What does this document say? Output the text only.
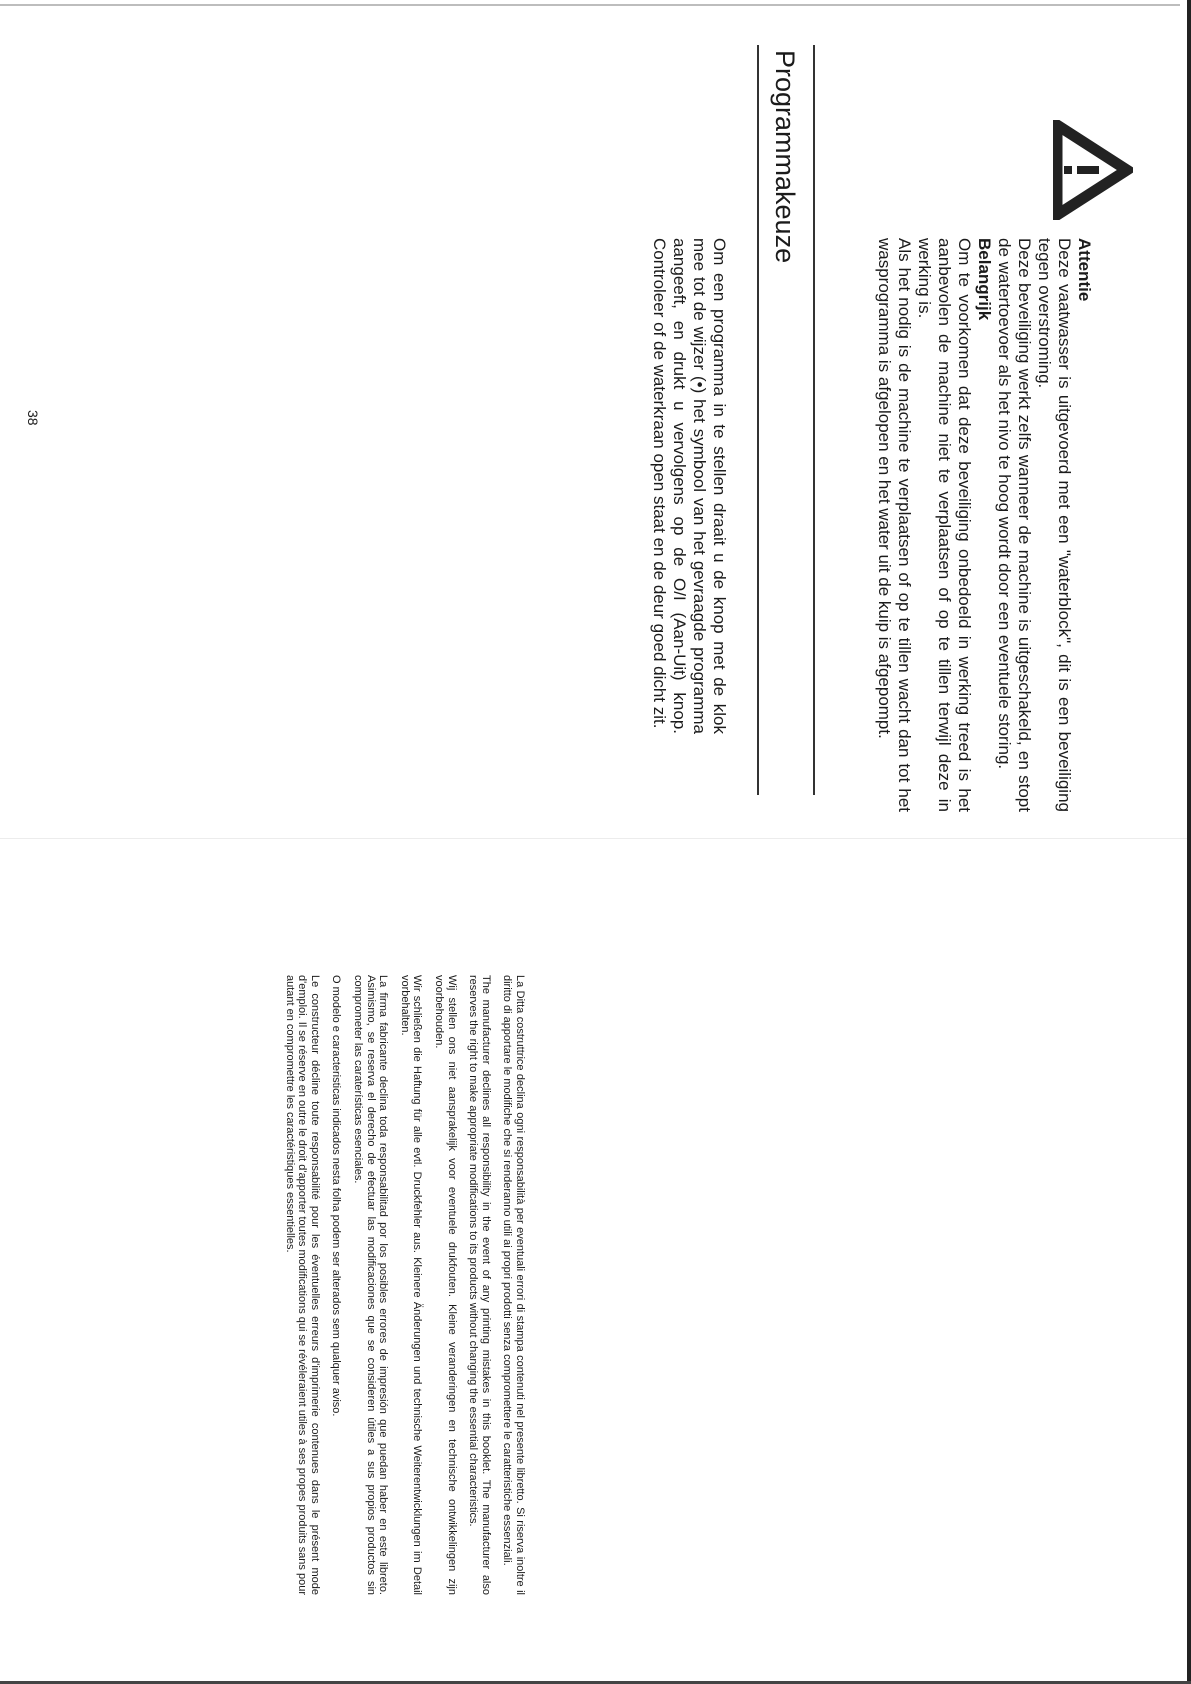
Attentie

Deze vaatwasser is uitgevoerd met een "waterblock", dit is een beveiliging tegen overstroming.

Deze beveiliging werkt zelfs wanneer de machine is uitgeschakeld, en stopt de watertoevoer als het nivo te hoog wordt door een eventuele storing.

Belangrijk

Om te voorkomen dat deze beveiliging onbedoeld in werking treed is het aanbevolen de machine niet te verplaatsen of op te tillen terwijl deze in werking is.

Als het nodig is de machine te verplaatsen of op te tillen wacht dan tot het wasprogramma is afgelopen en het water uit de kuip is afgepompt.

Programmakeuze

Om een programma in te stellen draait u de knop met de klok mee tot de wijzer (•) het symbool van het gevraagde programma aangeeft, en drukt u vervolgens op de O/I (Aan-Uit) knop. Controleer of de waterkraan open staat en de deur goed dicht zit.

38

La Ditta costruttrice declina ogni responsabilità per eventuali errori di stampa contenuti nel presente libretto. Si riserva inoltre il diritto di apportare le modifiche che si renderanno utili ai propri prodotti senza compromettere le caratteristiche essenziali.

The manufacturer declines all responsibility in the event of any printing mistakes in this booklet. The manufacturer also reserves the right to make appropriate modifications to its products without changing the essential characteristics.

Wij stellen ons niet aansprakelijk voor eventuele drukfouten. Kleine veranderingen en technische ontwikkelingen zijn voorbehouden.

Wir schließen die Haftung für alle evtl. Druckfehler aus. Kleinere Änderungen und technische Weiterentwicklungen im Detail vorbehalten.

La firma fabricante declina toda responsabilitad por los posibles errores de impresión que puedan haber en este libreto. Asimismo, se reserva el derecho de efectuar las modificaciones que se consideren útiles a sus propios productos sin comprometer las caraterísticas esenciales.

O modelo e caracteristicas indicados nesta folha podem ser alterados sem qualquer aviso.

Le constructeur décline toute responsabilité pour les éventuelles erreurs d'imprimerie contenues dans le présent mode d'emploi. Il se réserve en outre le droit d'apporter toutes modifications qui se révéleraient utiles à ses propes produits sans pour autant en compromettre les caractéristiques essentielles.
